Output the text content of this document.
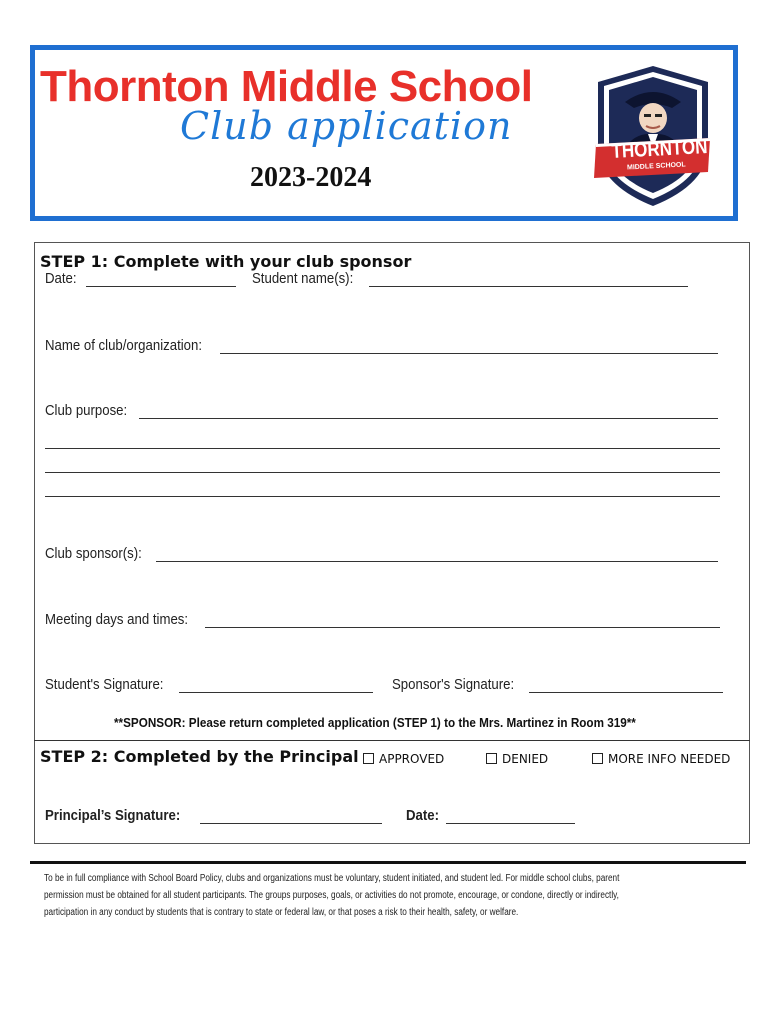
Thornton Middle School
Club application
2023-2024
THORNTON
MIDDLE SCHOOL
STEP 1: Complete with your club sponsor
Date:	Student name(s):
Name of club/organization:
Club purpose:
Club sponsor(s):
Meeting days and times:
Student's Signature:	Sponsor's Signature:
**SPONSOR: Please return completed application (STEP 1) to the Mrs. Martinez in Room 319**
STEP 2: Completed by the Principal	APPROVED	DENIED	MORE INFO NEEDED
Principal’s Signature:	Date:
To be in full compliance with School Board Policy, clubs and organizations must be voluntary, student initiated, and student led. For middle school clubs, parent
permission must be obtained for all student participants. The groups purposes, goals, or activities do not promote, encourage, or condone, directly or indirectly,
participation in any conduct by students that is contrary to state or federal law, or that poses a risk to their health, safety, or welfare.
